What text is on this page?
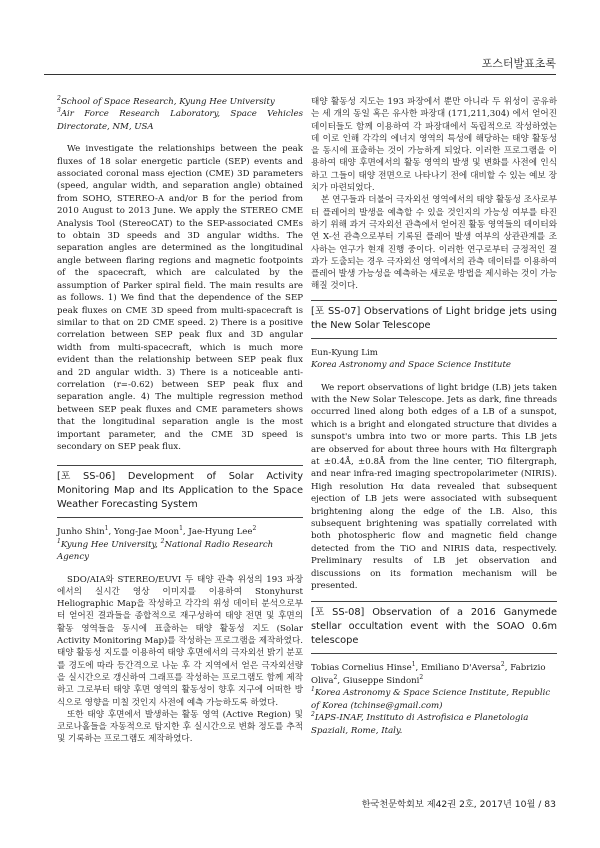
포스터발표초록

$^2$School of Space Research, Kyung Hee University

$^3$Air Force Research Laboratory, Space Vehicles Directorate, NM, USA

We investigate the relationships between the peak fluxes of 18 solar energetic particle (SEP) events and associated coronal mass ejection (CME) 3D parameters (speed, angular width, and separation angle) obtained from SOHO, STEREO-A and/or B for the period from 2010 August to 2013 June. We apply the STEREO CME Analysis Tool (StereoCAT) to the SEP-associated CMEs to obtain 3D speeds and 3D angular widths. The separation angles are determined as the longitudinal angle between flaring regions and magnetic footpoints of the spacecraft, which are calculated by the assumption of Parker spiral field. The main results are as follows. 1) We find that the dependence of the SEP peak fluxes on CME 3D speed from multi-spacecraft is similar to that on 2D CME speed. 2) There is a positive correlation between SEP peak flux and 3D angular width from multi-spacecraft, which is much more evident than the relationship between SEP peak flux and 2D angular width. 3) There is a noticeable anti-correlation (r=-0.62) between SEP peak flux and separation angle. 4) The multiple regression method between SEP peak fluxes and CME parameters shows that the longitudinal separation angle is the most important parameter, and the CME 3D speed is secondary on SEP peak flux.

[포 SS-06] Development of Solar Activity Monitoring Map and Its Application to the Space Weather Forecasting System

Junho Shin$^1$, Yong-Jae Moon$^1$, Jae-Hyung Lee$^2$

$^1$Kyung Hee University, $^2$National Radio Research Agency

SDO/AIA와 STEREO/EUVI 두 태양 관측 위성의 193 파장에서의 실시간 영상 이미지를 이용하여 Stonyhurst Heliographic Map을 작성하고 각각의 위성 데이터 분석으로부터 얻어진 결과들을 종합적으로 재구성하여 태양 전면 및 후면의 활동 영역들을 동시에 표출하는 태양 활동성 지도 (Solar Activity Monitoring Map)를 작성하는 프로그램을 제작하였다. 태양 활동성 지도를 이용하여 태양 후면에서의 극자외선 밝기 분포를 경도에 따라 등간격으로 나눈 후 각 지역에서 얻은 극자외선량을 실시간으로 갱신하여 그래프를 작성하는 프로그램도 함께 제작하고 그로부터 태양 후면 영역의 활동성이 향후 지구에 어떠한 방식으로 영향을 미칠 것인지 사전에 예측 가능하도록 하였다.

또한 태양 후면에서 발생하는 활동 영역 (Active Region) 및 코로나홀들을 자동적으로 탐지한 후 실시간으로 변화 정도를 추적 및 기록하는 프로그램도 제작하였다.

태양 활동성 지도는 193 파장에서 뿐만 아니라 두 위성이 공유하는 세 개의 동일 혹은 유사한 파장대 (171,211,304) 에서 얻어진 데이터들도 함께 이용하여 각 파장대에서 독립적으로 작성하였는데 이로 인해 각각의 에너지 영역의 특성에 해당하는 태양 활동성을 동시에 표출하는 것이 가능하게 되었다. 이러한 프로그램을 이용하여 태양 후면에서의 활동 영역의 발생 및 변화를 사전에 인식하고 그들이 태양 전면으로 나타나기 전에 대비할 수 있는 예보 장치가 마련되었다.

본 연구들과 더불어 극자외선 영역에서의 태양 활동성 조사로부터 플레어의 발생을 예측할 수 있을 것인지의 가능성 여부를 타진하기 위해 과거 극자외선 관측에서 얻어진 활동 영역들의 데이터와 연 X-선 관측으로부터 기록된 플레어 발생 여부의 상관관계를 조사하는 연구가 현재 진행 중이다. 이러한 연구로부터 긍정적인 결과가 도출되는 경우 극자외선 영역에서의 관측 데이터를 이용하여 플레어 발생 가능성을 예측하는 새로운 방법을 제시하는 것이 가능해질 것이다.

[포 SS-07] Observations of Light bridge jets using the New Solar Telescope

Eun-Kyung Lim

Korea Astronomy and Space Science Institute

We report observations of light bridge (LB) jets taken with the New Solar Telescope. Jets as dark, fine threads occurred lined along both edges of a LB of a sunspot, which is a bright and elongated structure that divides a sunspot's umbra into two or more parts. This LB jets are observed for about three hours with Hα filtergraph at ±0.4Å, ±0.8Å from the line center, TiO filtergraph, and near infra-red imaging spectropolarimeter (NIRIS). High resolution Hα data revealed that subsequent ejection of LB jets were associated with subsequent brightening along the edge of the LB. Also, this subsequent brightening was spatially correlated with both photospheric flow and magnetic field change detected from the TiO and NIRIS data, respectively. Preliminary results of LB jet observation and discussions on its formation mechanism will be presented.

[포 SS-08] Observation of a 2016 Ganymede stellar occultation event with the SOAO 0.6m telescope

Tobias Cornelius Hinse$^1$, Emiliano D'Aversa$^2$, Fabrizio Oliva$^2$, Giuseppe Sindoni$^2$

$^1$Korea Astronomy & Space Science Institute, Republic of Korea (tchinse@gmail.com)

$^2$IAPS-INAF, Instituto di Astrofisica e Planetologia Spaziali, Rome, Italy.

한국천문학회보 제42권 2호, 2017년 10월 / 83
